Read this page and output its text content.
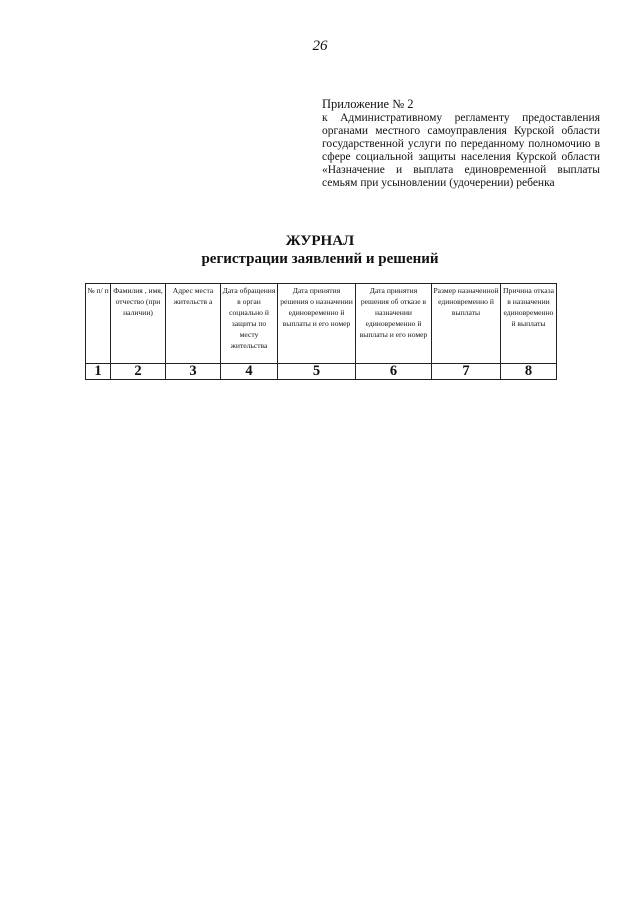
26
Приложение № 2
к Административному регламенту предоставления органами местного самоуправления Курской области государственной услуги по переданному полномочию в сфере социальной защиты населения Курской области «Назначение и выплата единовременной выплаты семьям при усыновлении (удочерении) ребенка
ЖУРНАЛ
регистрации заявлений и решений
№ п/ п	Фамилия , имя, отчество (при наличии)	Адрес места жительств а	Дата обращения в орган социально й защиты по месту жительства	Дата принятия решения о назначении единовременно й выплаты и его номер	Дата принятия решения об отказе в назначении единовременно й выплаты и его номер	Размер назначенной единовременно й выплаты	Причина отказа в назначении единовременно й выплаты
1	2	3	4	5	6	7	8
